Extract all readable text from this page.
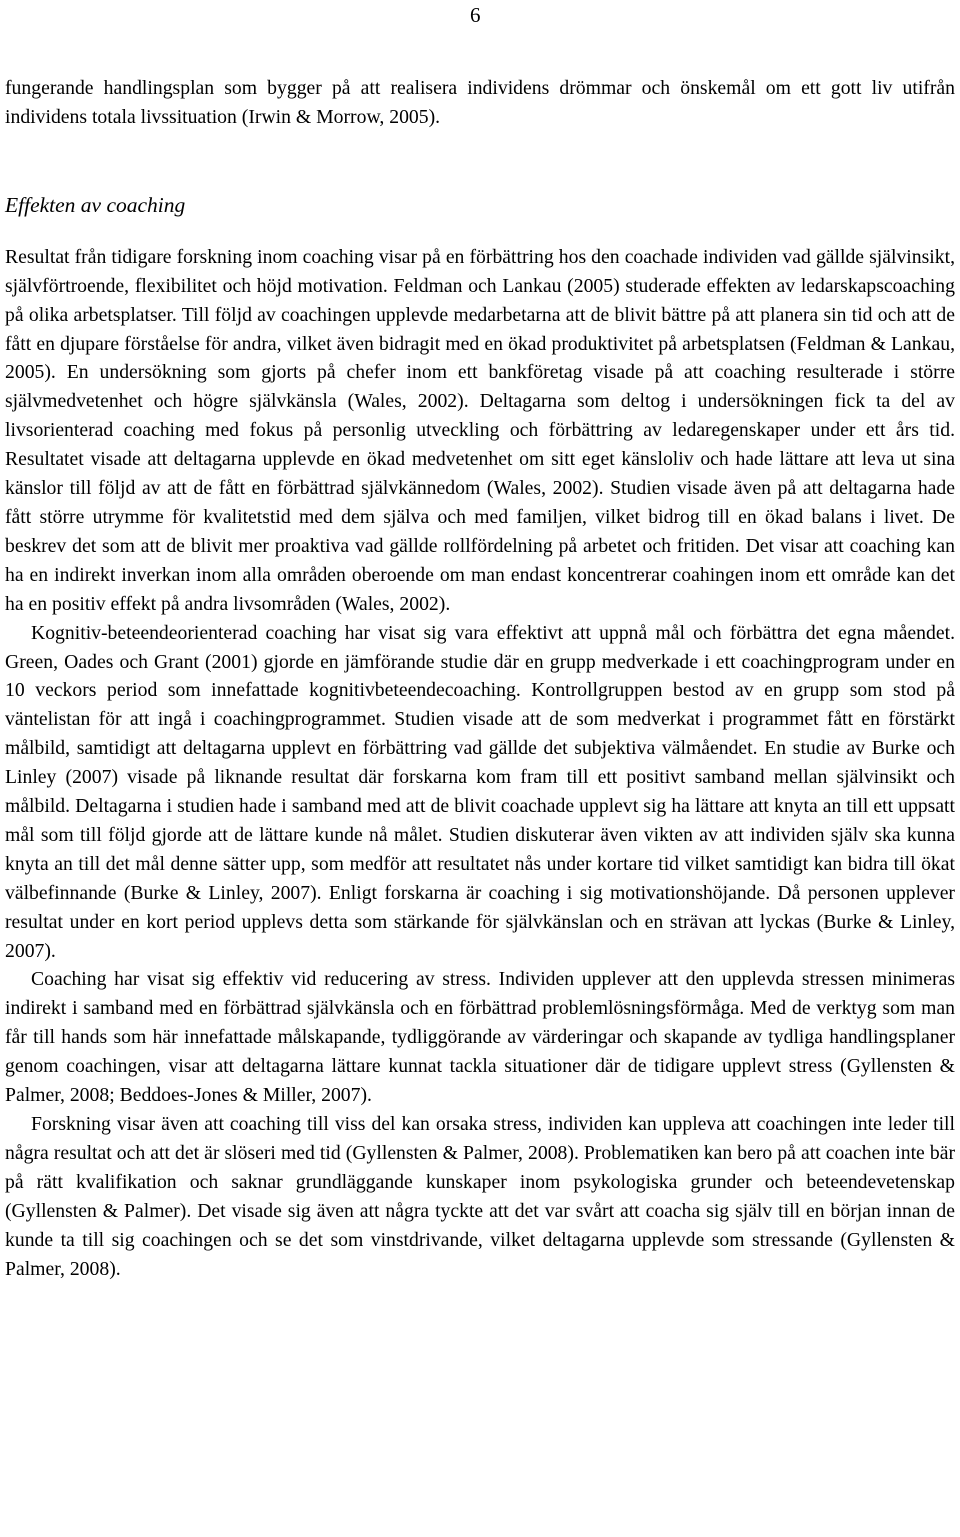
6

fungerande handlingsplan som bygger på att realisera individens drömmar och önskemål om ett gott liv utifrån individens totala livssituation (Irwin & Morrow, 2005).

Effekten av coaching

Resultat från tidigare forskning inom coaching visar på en förbättring hos den coachade individen vad gällde självinsikt, självförtroende, flexibilitet och höjd motivation. Feldman och Lankau (2005) studerade effekten av ledarskapscoaching på olika arbetsplatser. Till följd av coachingen upplevde medarbetarna att de blivit bättre på att planera sin tid och att de fått en djupare förståelse för andra, vilket även bidragit med en ökad produktivitet på arbetsplatsen (Feldman & Lankau, 2005). En undersökning som gjorts på chefer inom ett bankföretag visade på att coaching resulterade i större självmedvetenhet och högre självkänsla (Wales, 2002). Deltagarna som deltog i undersökningen fick ta del av livsorienterad coaching med fokus på personlig utveckling och förbättring av ledaregenskaper under ett års tid. Resultatet visade att deltagarna upplevde en ökad medvetenhet om sitt eget känsloliv och hade lättare att leva ut sina känslor till följd av att de fått en förbättrad självkännedom (Wales, 2002). Studien visade även på att deltagarna hade fått större utrymme för kvalitetstid med dem själva och med familjen, vilket bidrog till en ökad balans i livet. De beskrev det som att de blivit mer proaktiva vad gällde rollfördelning på arbetet och fritiden. Det visar att coaching kan ha en indirekt inverkan inom alla områden oberoende om man endast koncentrerar coahingen inom ett område kan det ha en positiv effekt på andra livsområden (Wales, 2002).

Kognitiv-beteendeorienterad coaching har visat sig vara effektivt att uppnå mål och förbättra det egna måendet. Green, Oades och Grant (2001) gjorde en jämförande studie där en grupp medverkade i ett coachingprogram under en 10 veckors period som innefattade kognitivbeteendecoaching. Kontrollgruppen bestod av en grupp som stod på väntelistan för att ingå i coachingprogrammet. Studien visade att de som medverkat i programmet fått en förstärkt målbild, samtidigt att deltagarna upplevt en förbättring vad gällde det subjektiva välmåendet. En studie av Burke och Linley (2007) visade på liknande resultat där forskarna kom fram till ett positivt samband mellan självinsikt och målbild. Deltagarna i studien hade i samband med att de blivit coachade upplevt sig ha lättare att knyta an till ett uppsatt mål som till följd gjorde att de lättare kunde nå målet. Studien diskuterar även vikten av att individen själv ska kunna knyta an till det mål denne sätter upp, som medför att resultatet nås under kortare tid vilket samtidigt kan bidra till ökat välbefinnande (Burke & Linley, 2007). Enligt forskarna är coaching i sig motivationshöjande. Då personen upplever resultat under en kort period upplevs detta som stärkande för självkänslan och en strävan att lyckas (Burke & Linley, 2007).

Coaching har visat sig effektiv vid reducering av stress. Individen upplever att den upplevda stressen minimeras indirekt i samband med en förbättrad självkänsla och en förbättrad problemlösningsförmåga. Med de verktyg som man får till hands som här innefattade målskapande, tydliggörande av värderingar och skapande av tydliga handlingsplaner genom coachingen, visar att deltagarna lättare kunnat tackla situationer där de tidigare upplevt stress (Gyllensten & Palmer, 2008; Beddoes-Jones & Miller, 2007).

Forskning visar även att coaching till viss del kan orsaka stress, individen kan uppleva att coachingen inte leder till några resultat och att det är slöseri med tid (Gyllensten & Palmer, 2008). Problematiken kan bero på att coachen inte bär på rätt kvalifikation och saknar grundläggande kunskaper inom psykologiska grunder och beteendevetenskap (Gyllensten & Palmer). Det visade sig även att några tyckte att det var svårt att coacha sig själv till en början innan de kunde ta till sig coachingen och se det som vinstdrivande, vilket deltagarna upplevde som stressande (Gyllensten & Palmer, 2008).
